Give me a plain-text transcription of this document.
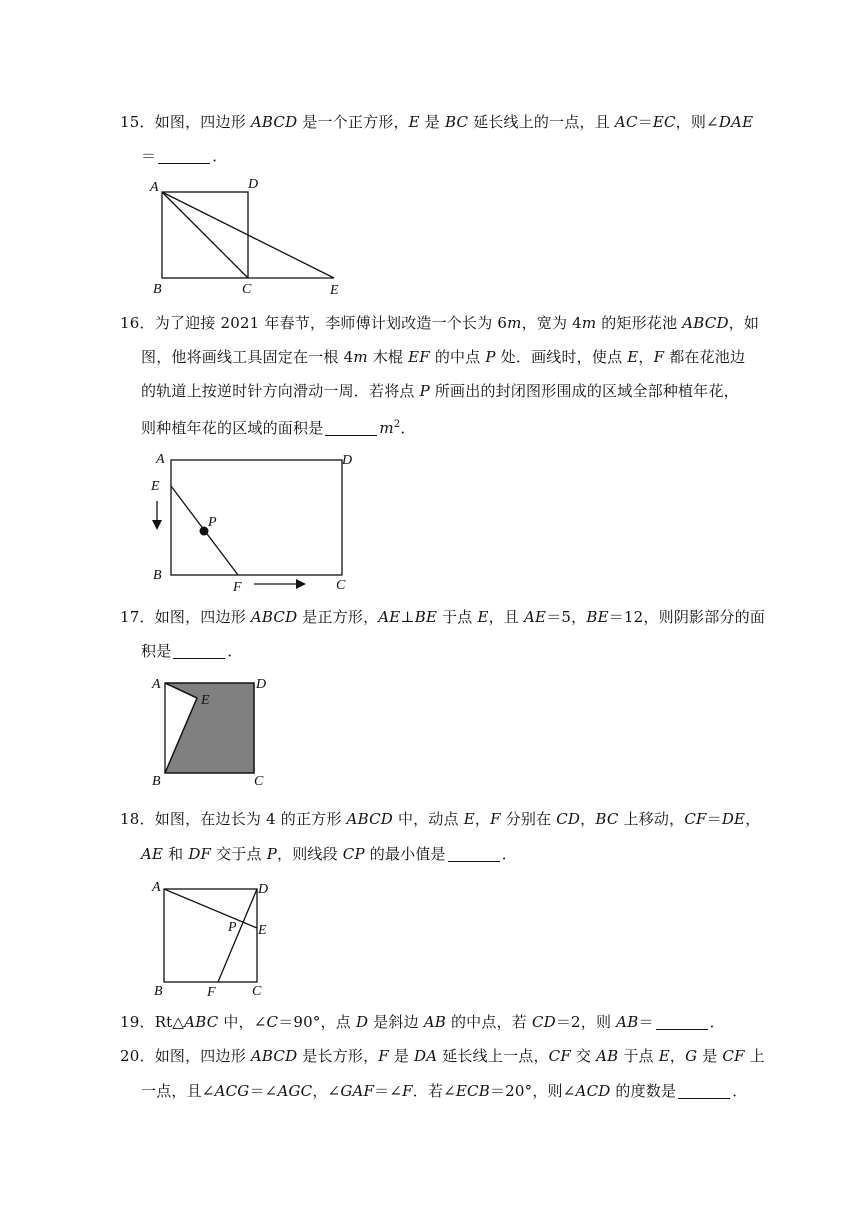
15．如图，四边形 ABCD 是一个正方形，E 是 BC 延长线上的一点，且 AC＝EC，则∠DAE
＝	．
A	D
B	C	E
16．为了迎接 2021 年春节，李师傅计划改造一个长为 6m，宽为 4m 的矩形花池 ABCD，如
图，他将画线工具固定在一根 4m 木棍 EF 的中点 P 处．画线时，使点 E，F 都在花池边
的轨道上按逆时针方向滑动一周．若将点 P 所画出的封闭图形围成的区域全部种植年花，
则种植年花的区域的面积是	$m^2$．
A	D
E
P
B
F	C
17．如图，四边形 ABCD 是正方形，AE⊥BE 于点 E，且 AE＝5，BE＝12，则阴影部分的面
积是	．
A
E
D
B	C
18．如图，在边长为 4 的正方形 ABCD 中，动点 E，F 分别在 CD，BC 上移动，CF＝DE，
AE 和 DF 交于点 P，则线段 CP 的最小值是	．
A	D
P E
B	F	C
19．Rt△ABC 中，∠C＝90°，点 D 是斜边 AB 的中点，若 CD＝2，则 AB＝	．
20．如图，四边形 ABCD 是长方形，F 是 DA 延长线上一点，CF 交 AB 于点 E，G 是 CF 上
一点，且∠ACG＝∠AGC，∠GAF＝∠F．若∠ECB＝20°，则∠ACD 的度数是	．
